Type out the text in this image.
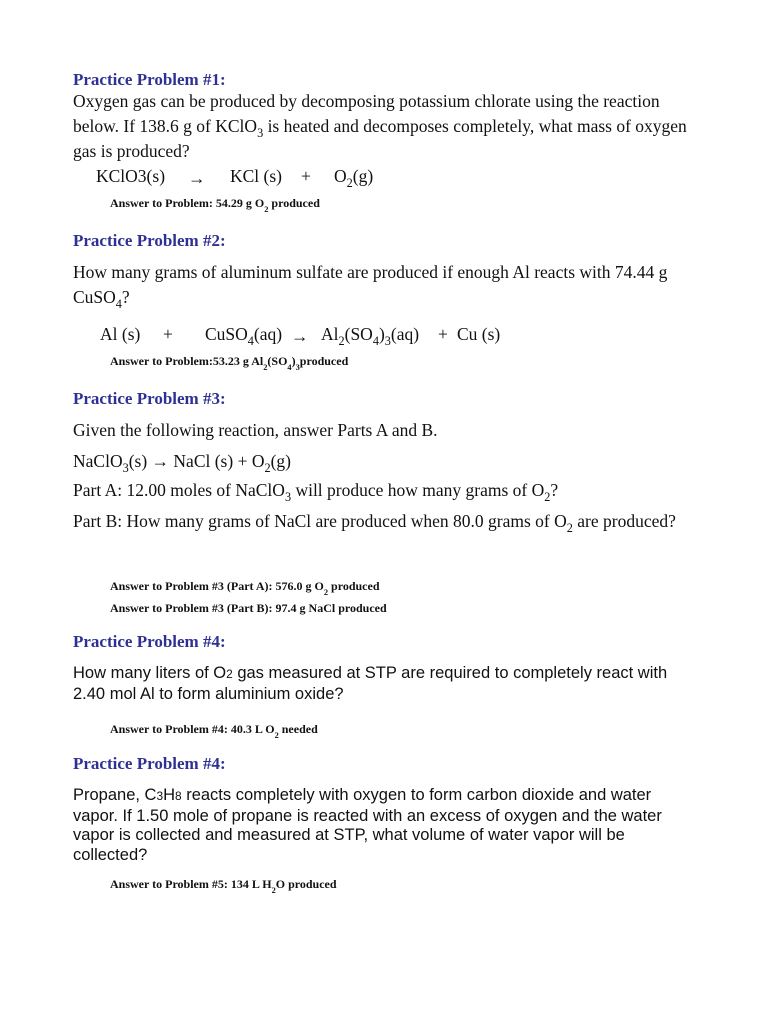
Practice Problem #1:
Oxygen gas can be produced by decomposing potassium chlorate using the reaction below. If 138.6 g of KClO$_3$ is heated and decomposes completely, what mass of oxygen gas is produced?
KClO3(s) → KCl $(s) + O_2(g)$
Answer to Problem: 54.29 g $O_2$ produced
Practice Problem #2:
How many grams of aluminum sulfate are produced if enough Al reacts with 74.44 g CuSO$_4$?
Al (s) + CuSO$_4$(aq) → $Al_2(SO_4)_3(aq) + Cu$ (s)
Answer to Problem:53.23 g $Al_2(SO_4)_3produced$
Practice Problem #3:
Given the following reaction, answer Parts A and B.
NaClO$_3$(s) → NaCl $(s) + O_2(g)$
Part A: 12.00 moles of NaClO$_3$ will produce how many grams of $O_2$?
Part B: How many grams of NaCl are produced when 80.0 grams of $O_2$ are produced?
Answer to Problem #3 (Part A): 576.0 g $O_2$ produced
Answer to Problem #3 (Part B): 97.4 g NaCl produced
Practice Problem #4:
How many liters of O2 gas measured at STP are required to completely react with 2.40 mol Al to form aluminium oxide?
Answer to Problem #4: 40.3 L $O_2$ needed
Practice Problem #4:
Propane, C3H8 reacts completely with oxygen to form carbon dioxide and water vapor. If 1.50 mole of propane is reacted with an excess of oxygen and the water vapor is collected and measured at STP, what volume of water vapor will be collected?
Answer to Problem #5: 134 L $H_2O$ produced
